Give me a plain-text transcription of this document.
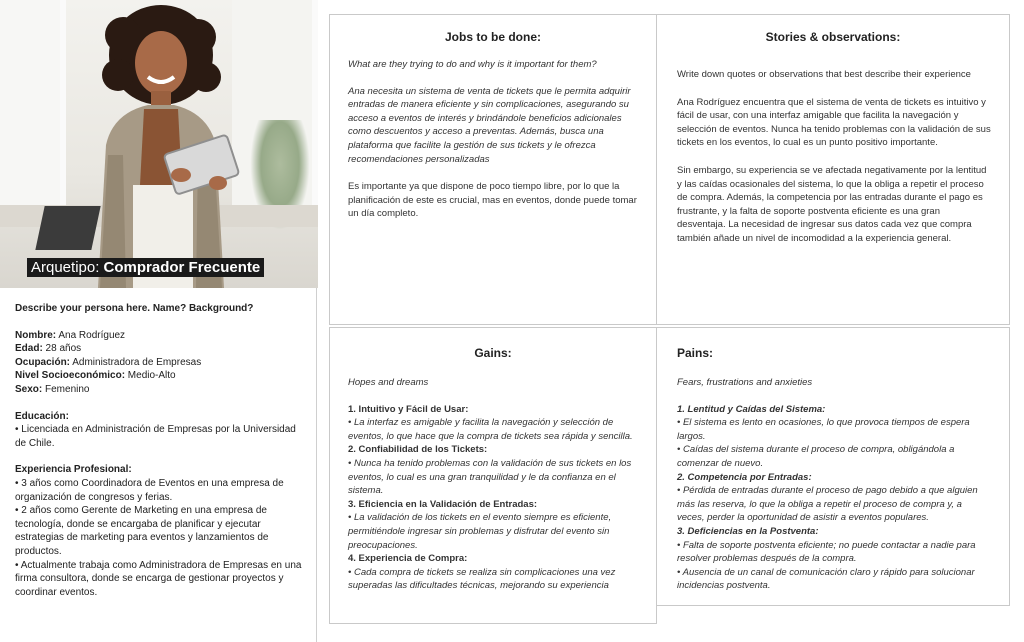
Arquetipo: Comprador Frecuente
Describe your persona here. Name? Background?
Nombre: Ana Rodríguez
Edad: 28 años
Ocupación: Administradora de Empresas
Nivel Socioeconómico: Medio-Alto
Sexo: Femenino
Educación:
• Licenciada en Administración de Empresas por la Universidad de Chile.
Experiencia Profesional:
• 3 años como Coordinadora de Eventos en una empresa de organización de congresos y ferias.
• 2 años como Gerente de Marketing en una empresa de tecnología, donde se encargaba de planificar y ejecutar estrategias de marketing para eventos y lanzamientos de productos.
• Actualmente trabaja como Administradora de Empresas en una firma consultora, donde se encarga de gestionar proyectos y coordinar eventos.
Jobs to be done:

What are they trying to do and why is it important for them?

Ana necesita un sistema de venta de tickets que le permita adquirir entradas de manera eficiente y sin complicaciones, asegurando su acceso a eventos de interés y brindándole beneficios adicionales como descuentos y acceso a preventas. Además, busca una plataforma que facilite la gestión de sus tickets y le ofrezca recomendaciones personalizadas

Es importante ya que dispone de poco tiempo libre, por lo que la planificación de este es crucial, mas en eventos, donde puede tomar un día completo.

Stories & observations:

Write down quotes or observations that best describe their experience

Ana Rodríguez encuentra que el sistema de venta de tickets es intuitivo y fácil de usar, con una interfaz amigable que facilita la navegación y selección de eventos. Nunca ha tenido problemas con la validación de sus tickets en los eventos, lo cual es un punto positivo importante.

Sin embargo, su experiencia se ve afectada negativamente por la lentitud y las caídas ocasionales del sistema, lo que la obliga a repetir el proceso de compra. Además, la competencia por las entradas durante el pago es frustrante, y la falta de soporte postventa eficiente es una gran desventaja. La necesidad de ingresar sus datos cada vez que compra también añade un nivel de incomodidad a la experiencia general.

Gains:

Hopes and dreams

1. Intuitivo y Fácil de Usar:

• La interfaz es amigable y facilita la navegación y selección de eventos, lo que hace que la compra de tickets sea rápida y sencilla.

2. Confiabilidad de los Tickets:

• Nunca ha tenido problemas con la validación de sus tickets en los eventos, lo cual es una gran tranquilidad y le da confianza en el sistema.

3. Eficiencia en la Validación de Entradas:

• La validación de los tickets en el evento siempre es eficiente, permitiéndole ingresar sin problemas y disfrutar del evento sin preocupaciones.

4. Experiencia de Compra:

• Cada compra de tickets se realiza sin complicaciones una vez superadas las dificultades técnicas, mejorando su experiencia

Pains:

Fears, frustrations and anxieties

1. Lentitud y Caídas del Sistema:

• El sistema es lento en ocasiones, lo que provoca tiempos de espera largos.
• Caídas del sistema durante el proceso de compra, obligándola a comenzar de nuevo.

2. Competencia por Entradas:

• Pérdida de entradas durante el proceso de pago debido a que alguien más las reserva, lo que la obliga a repetir el proceso de compra y, a veces, perder la oportunidad de asistir a eventos populares.

3. Deficiencias en la Postventa:

• Falta de soporte postventa eficiente; no puede contactar a nadie para resolver problemas después de la compra.
• Ausencia de un canal de comunicación claro y rápido para solucionar incidencias postventa.
